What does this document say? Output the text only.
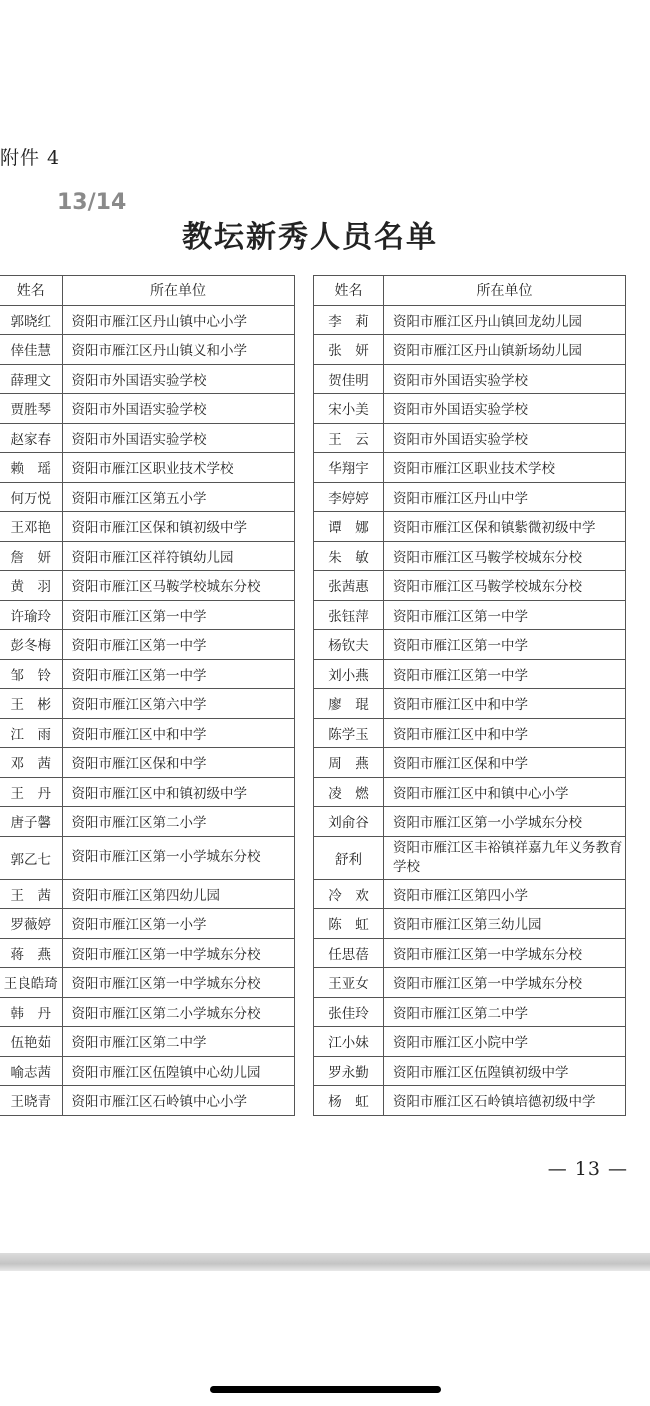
附件 4
13/14
教坛新秀人员名单
姓名	所在单位
郭晓红	资阳市雁江区丹山镇中心小学
倖佳慧	资阳市雁江区丹山镇义和小学
薛理文	资阳市外国语实验学校
贾胜琴	资阳市外国语实验学校
赵家春	资阳市外国语实验学校
赖　瑶	资阳市雁江区职业技术学校
何万悦	资阳市雁江区第五小学
王邓艳	资阳市雁江区保和镇初级中学
詹　妍	资阳市雁江区祥符镇幼儿园
黄　羽	资阳市雁江区马鞍学校城东分校
许瑜玲	资阳市雁江区第一中学
彭冬梅	资阳市雁江区第一中学
邹　铃	资阳市雁江区第一中学
王　彬	资阳市雁江区第六中学
江　雨	资阳市雁江区中和中学
邓　茜	资阳市雁江区保和中学
王　丹	资阳市雁江区中和镇初级中学
唐子馨	资阳市雁江区第二小学
郭乙七	资阳市雁江区第一小学城东分校
王　茜	资阳市雁江区第四幼儿园
罗薇婷	资阳市雁江区第一小学
蒋　燕	资阳市雁江区第一中学城东分校
王良皓琦	资阳市雁江区第一中学城东分校
韩　丹	资阳市雁江区第二小学城东分校
伍艳茹	资阳市雁江区第二中学
喻志茜	资阳市雁江区伍隍镇中心幼儿园
王晓青	资阳市雁江区石岭镇中心小学
姓名	所在单位
李　莉	资阳市雁江区丹山镇回龙幼儿园
张　妍	资阳市雁江区丹山镇新场幼儿园
贺佳明	资阳市外国语实验学校
宋小美	资阳市外国语实验学校
王　云	资阳市外国语实验学校
华翔宇	资阳市雁江区职业技术学校
李婷婷	资阳市雁江区丹山中学
谭　娜	资阳市雁江区保和镇紫微初级中学
朱　敏	资阳市雁江区马鞍学校城东分校
张茜惠	资阳市雁江区马鞍学校城东分校
张钰萍	资阳市雁江区第一中学
杨钦夫	资阳市雁江区第一中学
刘小燕	资阳市雁江区第一中学
廖　琨	资阳市雁江区中和中学
陈学玉	资阳市雁江区中和中学
周　燕	资阳市雁江区保和中学
凌　燃	资阳市雁江区中和镇中心小学
刘俞谷	资阳市雁江区第一小学城东分校
舒利	资阳市雁江区丰裕镇祥嘉九年义务教育学校
冷　欢	资阳市雁江区第四小学
陈　虹	资阳市雁江区第三幼儿园
任思蓓	资阳市雁江区第一中学城东分校
王亚女	资阳市雁江区第一中学城东分校
张佳玲	资阳市雁江区第二中学
江小妹	资阳市雁江区小院中学
罗永勤	资阳市雁江区伍隍镇初级中学
杨　虹	资阳市雁江区石岭镇培德初级中学
— 13 —
